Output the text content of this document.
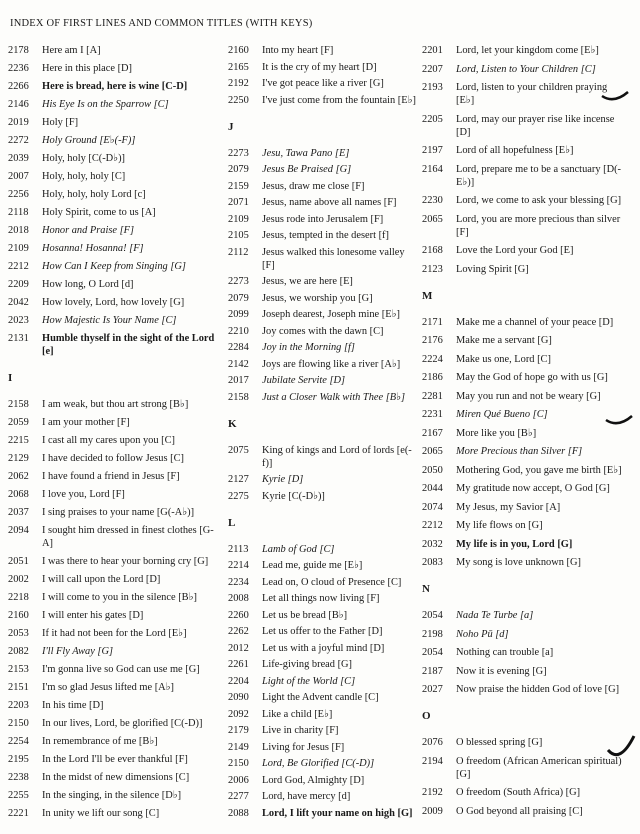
INDEX OF FIRST LINES AND COMMON TITLES (WITH KEYS)
2178	Here am I [A]
2236	Here in this place [D]
2266	Here is bread, here is wine [C-D]
2146	His Eye Is on the Sparrow [C]
2019	Holy [F]
2272	Holy Ground [E♭(-F)]
2039	Holy, holy [C(-D♭)]
2007	Holy, holy, holy [C]
2256	Holy, holy, holy Lord [c]
2118	Holy Spirit, come to us [A]
2018	Honor and Praise [F]
2109	Hosanna! Hosanna! [F]
2212	How Can I Keep from Singing [G]
2209	How long, O Lord [d]
2042	How lovely, Lord, how lovely [G]
2023	How Majestic Is Your Name [C]
2131	Humble thyself in the sight of the Lord [e]
I
2158	I am weak, but thou art strong [B♭]
2059	I am your mother [F]
2215	I cast all my cares upon you [C]
2129	I have decided to follow Jesus [C]
2062	I have found a friend in Jesus [F]
2068	I love you, Lord [F]
2037	I sing praises to your name [G(-A♭)]
2094	I sought him dressed in finest clothes [G-A]
2051	I was there to hear your borning cry [G]
2002	I will call upon the Lord [D]
2218	I will come to you in the silence [B♭]
2160	I will enter his gates [D]
2053	If it had not been for the Lord [E♭]
2082	I'll Fly Away [G]
2153	I'm gonna live so God can use me [G]
2151	I'm so glad Jesus lifted me [A♭]
2203	In his time [D]
2150	In our lives, Lord, be glorified [C(-D)]
2254	In remembrance of me [B♭]
2195	In the Lord I'll be ever thankful [F]
2238	In the midst of new dimensions [C]
2255	In the singing, in the silence [D♭]
2221	In unity we lift our song [C]
2160	Into my heart [F]
2165	It is the cry of my heart [D]
2192	I've got peace like a river [G]
2250	I've just come from the fountain [E♭]
J
2273	Jesu, Tawa Pano [E]
2079	Jesus Be Praised [G]
2159	Jesus, draw me close [F]
2071	Jesus, name above all names [F]
2109	Jesus rode into Jerusalem [F]
2105	Jesus, tempted in the desert [f]
2112	Jesus walked this lonesome valley [F]
2273	Jesus, we are here [E]
2079	Jesus, we worship you [G]
2099	Joseph dearest, Joseph mine [E♭]
2210	Joy comes with the dawn [C]
2284	Joy in the Morning [f]
2142	Joys are flowing like a river [A♭]
2017	Jubilate Servite [D]
2158	Just a Closer Walk with Thee [B♭]
K
2075	King of kings and Lord of lords [e(-f)]
2127	Kyrie [D]
2275	Kyrie [C(-D♭)]
L
2113	Lamb of God [C]
2214	Lead me, guide me [E♭]
2234	Lead on, O cloud of Presence [C]
2008	Let all things now living [F]
2260	Let us be bread [B♭]
2262	Let us offer to the Father [D]
2012	Let us with a joyful mind [D]
2261	Life-giving bread [G]
2204	Light of the World [C]
2090	Light the Advent candle [C]
2092	Like a child [E♭]
2179	Live in charity [F]
2149	Living for Jesus [F]
2150	Lord, Be Glorified [C(-D)]
2006	Lord God, Almighty [D]
2277	Lord, have mercy [d]
2088	Lord, I lift your name on high [G]
2201	Lord, let your kingdom come [E♭]
2207	Lord, Listen to Your Children [C]
2193	Lord, listen to your children praying [E♭]
2205	Lord, may our prayer rise like incense [D]
2197	Lord of all hopefulness [E♭]
2164	Lord, prepare me to be a sanctuary [D(-E♭)]
2230	Lord, we come to ask your blessing [G]
2065	Lord, you are more precious than silver [F]
2168	Love the Lord your God [E]
2123	Loving Spirit [G]
M
2171	Make me a channel of your peace [D]
2176	Make me a servant [G]
2224	Make us one, Lord [C]
2186	May the God of hope go with us [G]
2281	May you run and not be weary [G]
2231	Miren Qué Bueno [C]
2167	More like you [B♭]
2065	More Precious than Silver [F]
2050	Mothering God, you gave me birth [E♭]
2044	My gratitude now accept, O God [G]
2074	My Jesus, my Savior [A]
2212	My life flows on [G]
2032	My life is in you, Lord [G]
2083	My song is love unknown [G]
N
2054	Nada Te Turbe [a]
2198	Noho Pū [d]
2054	Nothing can trouble [a]
2187	Now it is evening [G]
2027	Now praise the hidden God of love [G]
O
2076	O blessed spring [G]
2194	O freedom (African American spiritual) [G]
2192	O freedom (South Africa) [G]
2009	O God beyond all praising [C]
